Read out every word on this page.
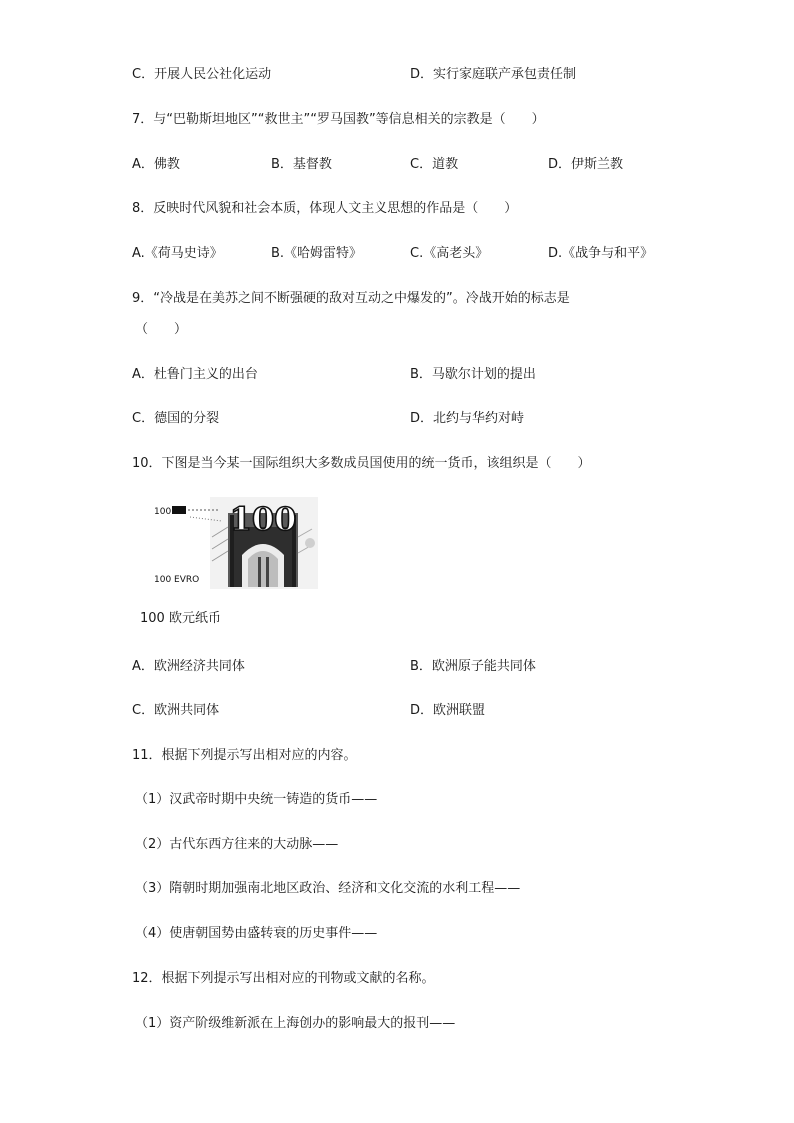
C．开展人民公社化运动	D．实行家庭联产承包责任制
7．与“巴勒斯坦地区”“救世主”“罗马国教”等信息相关的宗教是（　　）
A．佛教	B．基督教	C．道教	D．伊斯兰教
8．反映时代风貌和社会本质，体现人文主义思想的作品是（　　）
A.《荷马史诗》	B.《哈姆雷特》	C.《高老头》	D.《战争与和平》
9．“冷战是在美苏之间不断强硬的敌对互动之中爆发的”。冷战开始的标志是
（　　）
A．杜鲁门主义的出台	B．马歇尔计划的提出
C．德国的分裂	D．北约与华约对峙
10．下图是当今某一国际组织大多数成员国使用的统一货币，该组织是（　　）
100
100
100 EVRO
100 欧元纸币
A．欧洲经济共同体	B．欧洲原子能共同体
C．欧洲共同体	D．欧洲联盟
11．根据下列提示写出相对应的内容。
（1）汉武帝时期中央统一铸造的货币——
（2）古代东西方往来的大动脉——
（3）隋朝时期加强南北地区政治、经济和文化交流的水利工程——
（4）使唐朝国势由盛转衰的历史事件——
12．根据下列提示写出相对应的刊物或文献的名称。
（1）资产阶级维新派在上海创办的影响最大的报刊——
